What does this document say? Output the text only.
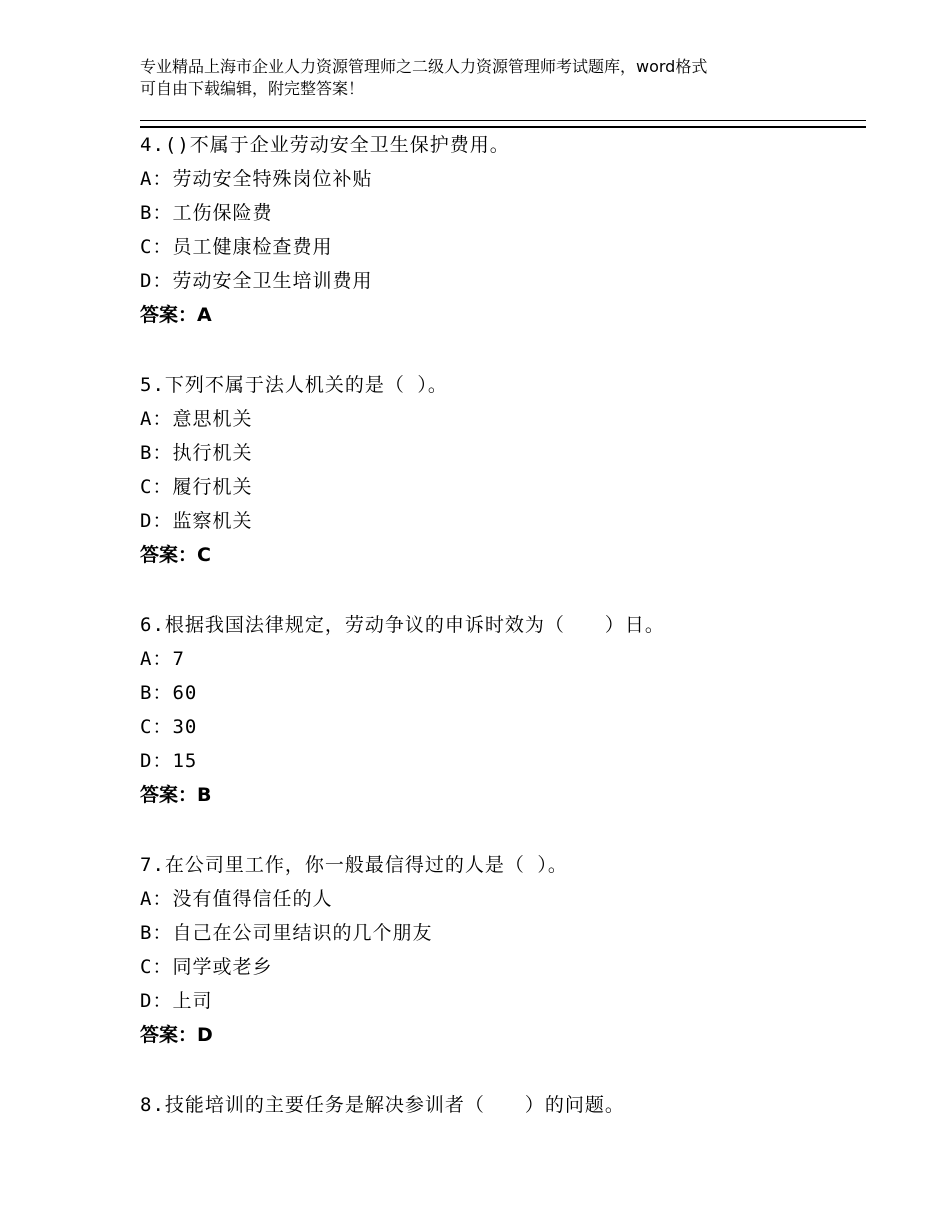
专业精品上海市企业人力资源管理师之二级人力资源管理师考试题库，word格式
可自由下载编辑，附完整答案！
4.()不属于企业劳动安全卫生保护费用。
A：劳动安全特殊岗位补贴
B：工伤保险费
C：员工健康检查费用
D：劳动安全卫生培训费用
答案：A
5.下列不属于法人机关的是（ ）。
A：意思机关
B：执行机关
C：履行机关
D：监察机关
答案：C
6.根据我国法律规定，劳动争议的申诉时效为（　　）日。
A：7
B：60
C：30
D：15
答案：B
7.在公司里工作，你一般最信得过的人是（ ）。
A：没有值得信任的人
B：自己在公司里结识的几个朋友
C：同学或老乡
D：上司
答案：D
8.技能培训的主要任务是解决参训者（　　）的问题。
